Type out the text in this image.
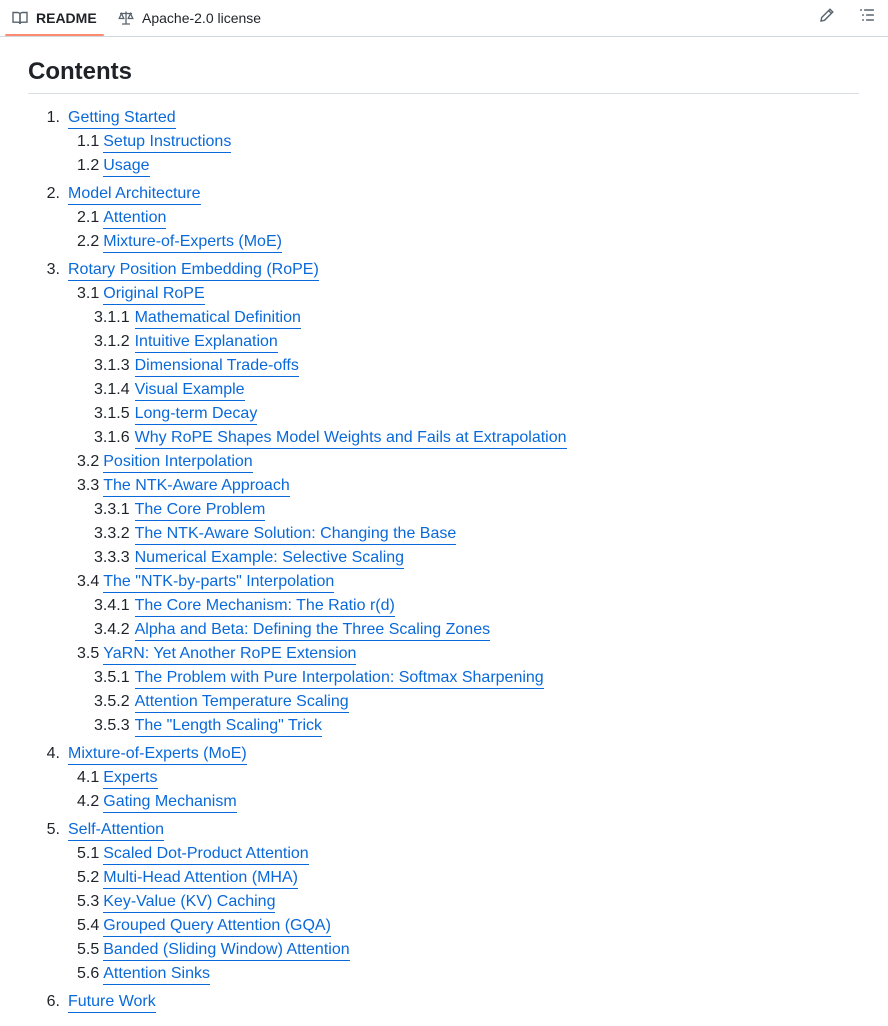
README	Apache-2.0 license
Contents
1. Getting Started
1.1 Setup Instructions
1.2 Usage
2. Model Architecture
2.1 Attention
2.2 Mixture-of-Experts (MoE)
3. Rotary Position Embedding (RoPE)
3.1 Original RoPE
3.1.1 Mathematical Definition
3.1.2 Intuitive Explanation
3.1.3 Dimensional Trade-offs
3.1.4 Visual Example
3.1.5 Long-term Decay
3.1.6 Why RoPE Shapes Model Weights and Fails at Extrapolation
3.2 Position Interpolation
3.3 The NTK-Aware Approach
3.3.1 The Core Problem
3.3.2 The NTK-Aware Solution: Changing the Base
3.3.3 Numerical Example: Selective Scaling
3.4 The "NTK-by-parts" Interpolation
3.4.1 The Core Mechanism: The Ratio r(d)
3.4.2 Alpha and Beta: Defining the Three Scaling Zones
3.5 YaRN: Yet Another RoPE Extension
3.5.1 The Problem with Pure Interpolation: Softmax Sharpening
3.5.2 Attention Temperature Scaling
3.5.3 The "Length Scaling" Trick
4. Mixture-of-Experts (MoE)
4.1 Experts
4.2 Gating Mechanism
5. Self-Attention
5.1 Scaled Dot-Product Attention
5.2 Multi-Head Attention (MHA)
5.3 Key-Value (KV) Caching
5.4 Grouped Query Attention (GQA)
5.5 Banded (Sliding Window) Attention
5.6 Attention Sinks
6. Future Work
